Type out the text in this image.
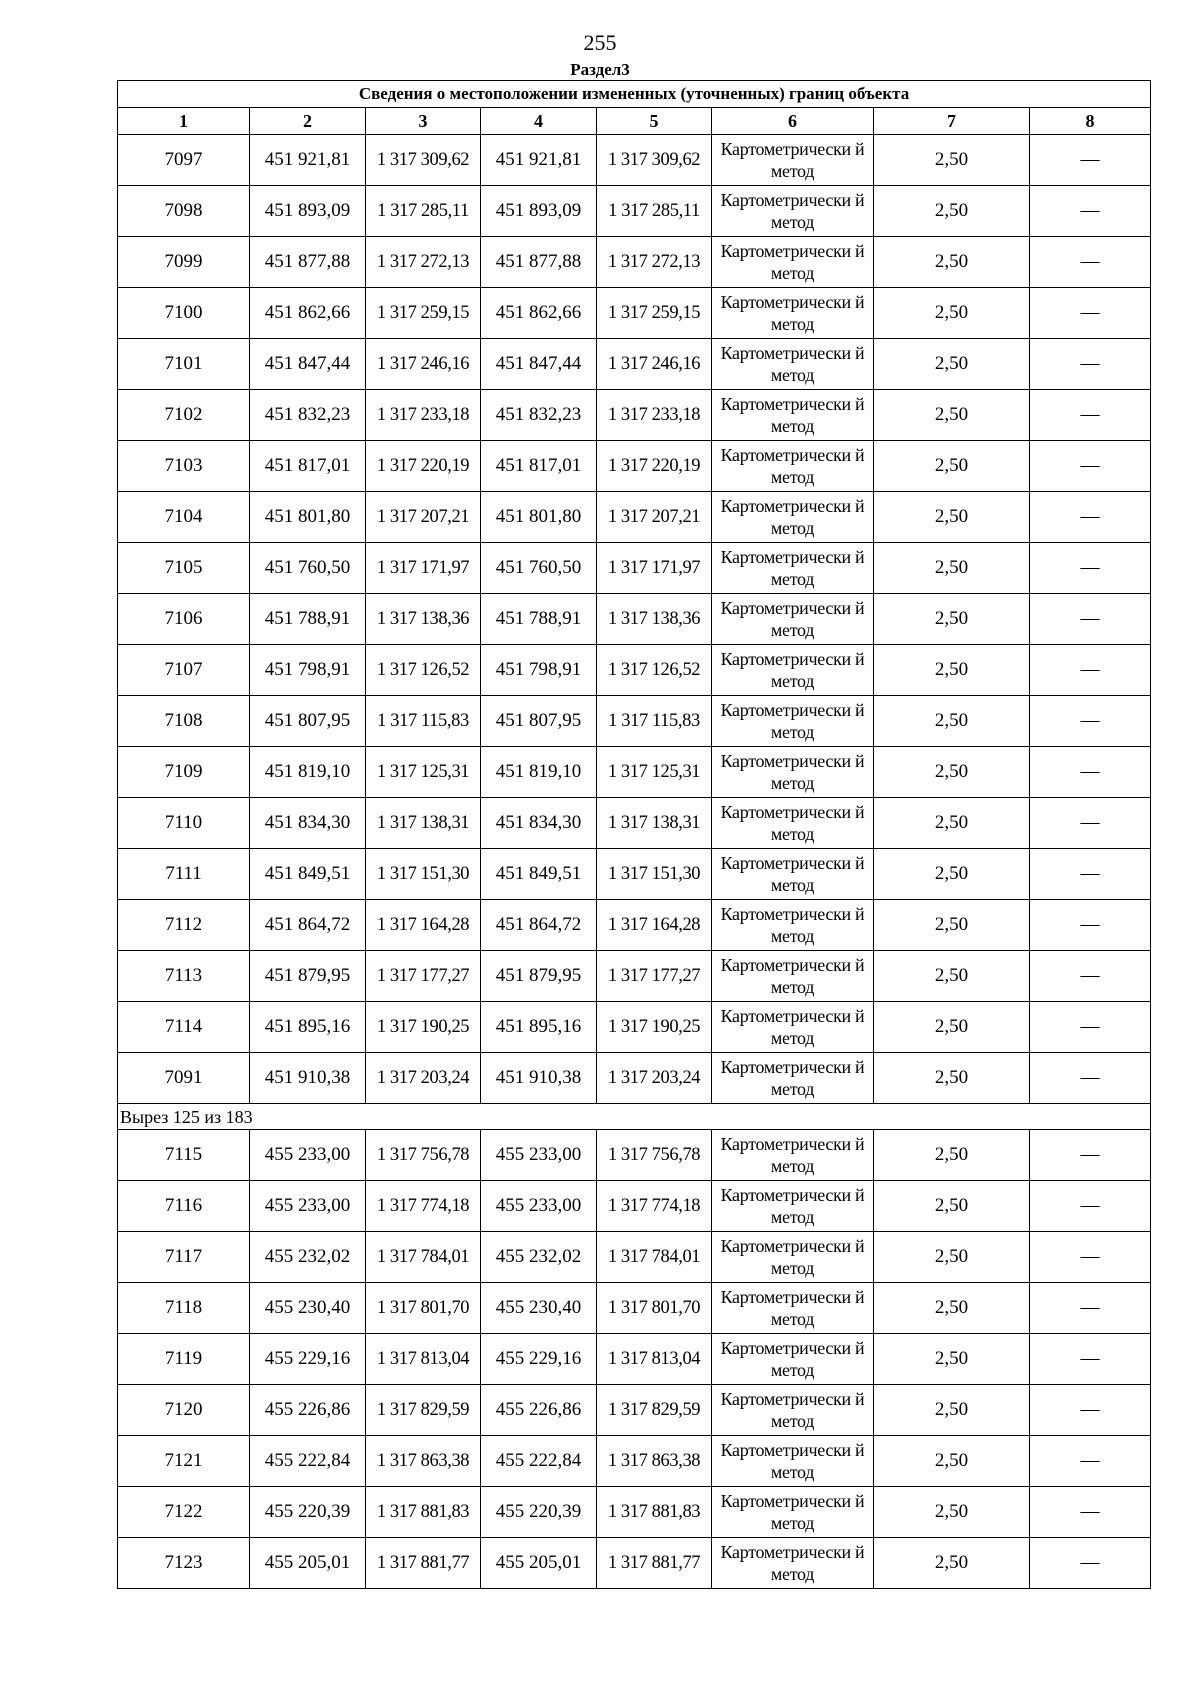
255
Раздел3
Сведения о местоположении измененных (уточненных) границ объекта							
1	2	3	4	5	6	7	8
7097	451 921,81	1 317 309,62	451 921,81	1 317 309,62	Картометрически й метод	2,50	—
7098	451 893,09	1 317 285,11	451 893,09	1 317 285,11	Картометрически й метод	2,50	—
7099	451 877,88	1 317 272,13	451 877,88	1 317 272,13	Картометрически й метод	2,50	—
7100	451 862,66	1 317 259,15	451 862,66	1 317 259,15	Картометрически й метод	2,50	—
7101	451 847,44	1 317 246,16	451 847,44	1 317 246,16	Картометрически й метод	2,50	—
7102	451 832,23	1 317 233,18	451 832,23	1 317 233,18	Картометрически й метод	2,50	—
7103	451 817,01	1 317 220,19	451 817,01	1 317 220,19	Картометрически й метод	2,50	—
7104	451 801,80	1 317 207,21	451 801,80	1 317 207,21	Картометрически й метод	2,50	—
7105	451 760,50	1 317 171,97	451 760,50	1 317 171,97	Картометрически й метод	2,50	—
7106	451 788,91	1 317 138,36	451 788,91	1 317 138,36	Картометрически й метод	2,50	—
7107	451 798,91	1 317 126,52	451 798,91	1 317 126,52	Картометрически й метод	2,50	—
7108	451 807,95	1 317 115,83	451 807,95	1 317 115,83	Картометрически й метод	2,50	—
7109	451 819,10	1 317 125,31	451 819,10	1 317 125,31	Картометрически й метод	2,50	—
7110	451 834,30	1 317 138,31	451 834,30	1 317 138,31	Картометрически й метод	2,50	—
7111	451 849,51	1 317 151,30	451 849,51	1 317 151,30	Картометрически й метод	2,50	—
7112	451 864,72	1 317 164,28	451 864,72	1 317 164,28	Картометрически й метод	2,50	—
7113	451 879,95	1 317 177,27	451 879,95	1 317 177,27	Картометрически й метод	2,50	—
7114	451 895,16	1 317 190,25	451 895,16	1 317 190,25	Картометрически й метод	2,50	—
7091	451 910,38	1 317 203,24	451 910,38	1 317 203,24	Картометрически й метод	2,50	—
Вырез 125 из 183							
7115	455 233,00	1 317 756,78	455 233,00	1 317 756,78	Картометрически й метод	2,50	—
7116	455 233,00	1 317 774,18	455 233,00	1 317 774,18	Картометрически й метод	2,50	—
7117	455 232,02	1 317 784,01	455 232,02	1 317 784,01	Картометрически й метод	2,50	—
7118	455 230,40	1 317 801,70	455 230,40	1 317 801,70	Картометрически й метод	2,50	—
7119	455 229,16	1 317 813,04	455 229,16	1 317 813,04	Картометрически й метод	2,50	—
7120	455 226,86	1 317 829,59	455 226,86	1 317 829,59	Картометрически й метод	2,50	—
7121	455 222,84	1 317 863,38	455 222,84	1 317 863,38	Картометрически й метод	2,50	—
7122	455 220,39	1 317 881,83	455 220,39	1 317 881,83	Картометрически й метод	2,50	—
7123	455 205,01	1 317 881,77	455 205,01	1 317 881,77	Картометрически й метод	2,50	—
